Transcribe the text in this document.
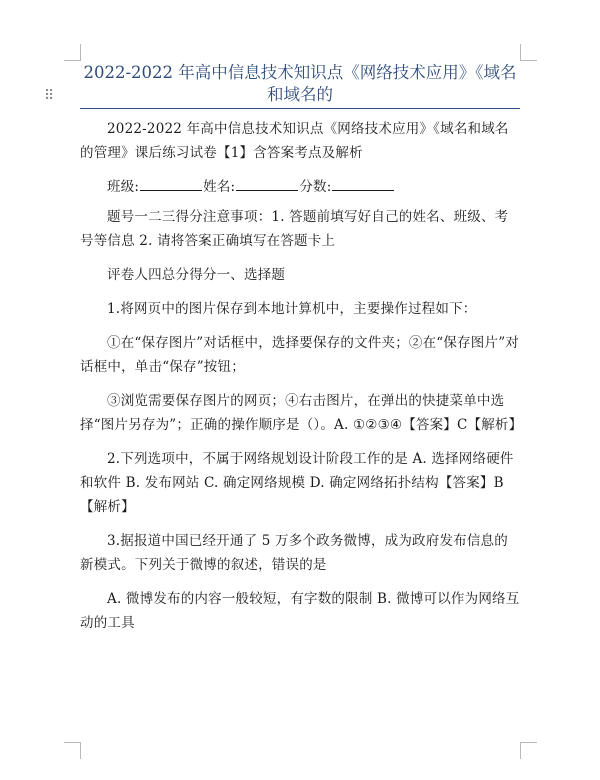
⠿
2022-2022 年高中信息技术知识点《网络技术应用》《域名和域名的

2022-2022 年高中信息技术知识点《网络技术应用》《域名和域名的管理》课后练习试卷【1】含答案考点及解析

班级:	姓名:	分数:

题号一二三得分注意事项：1. 答题前填写好自己的姓名、班级、考号等信息 2. 请将答案正确填写在答题卡上

评卷人四总分得分一、选择题

1.将网页中的图片保存到本地计算机中，主要操作过程如下：

①在“保存图片”对话框中，选择要保存的文件夹；②在“保存图片”对话框中，单击“保存”按钮；

③浏览需要保存图片的网页；④右击图片，在弹出的快捷菜单中选择“图片另存为”；正确的操作顺序是（）。A. ①②③④【答案】C【解析】

2.下列选项中，不属于网络规划设计阶段工作的是 A. 选择网络硬件和软件 B. 发布网站 C. 确定网络规模 D. 确定网络拓扑结构【答案】B【解析】

3.据报道中国已经开通了 5 万多个政务微博，成为政府发布信息的新模式。下列关于微博的叙述，错误的是

A. 微博发布的内容一般较短，有字数的限制 B. 微博可以作为网络互动的工具
